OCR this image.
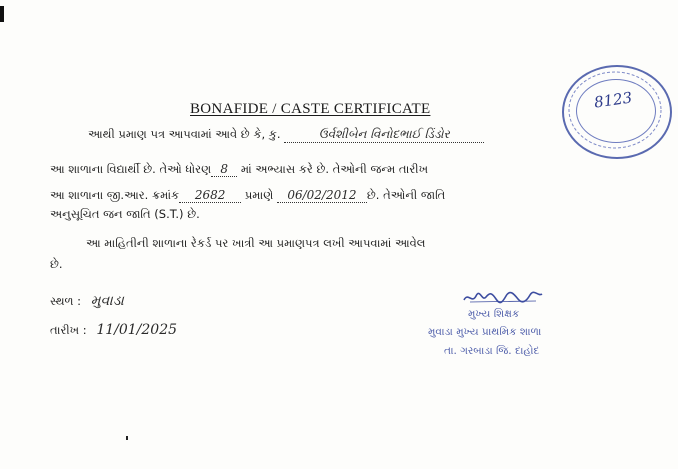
BONAFIDE / CASTE CERTIFICATE
આથી પ્રમાણ પત્ર આપવામાં આવે છે કે, કુ.	ઉર્વશીબેન વિનોદભાઈ ડિંડોર
આ શાળાના વિદ્યાર્થી છે. તેઓ ધોરણ 8 માં અભ્યાસ કરે છે. તેઓની જન્મ તારીખ
આ શાળાના જી.આર. ક્રમાંક 2682 પ્રમાણે 06/02/2012 છે. તેઓની જાતિ
અનુસૂચિત જન જાતિ (S.T.) છે.
આ માહિતીની શાળાના રેકર્ડ પર ખાત્રી આ પ્રમાણપત્ર લખી આપવામાં આવેલ
છે.
સ્થળ : મુવાડા
તારીખ : 11/01/2025
8123
મુખ્ય શિક્ષક
મુવાડા મુખ્ય પ્રાથમિક શાળા
તા. ગરબાડા જિ. દાહોદ
